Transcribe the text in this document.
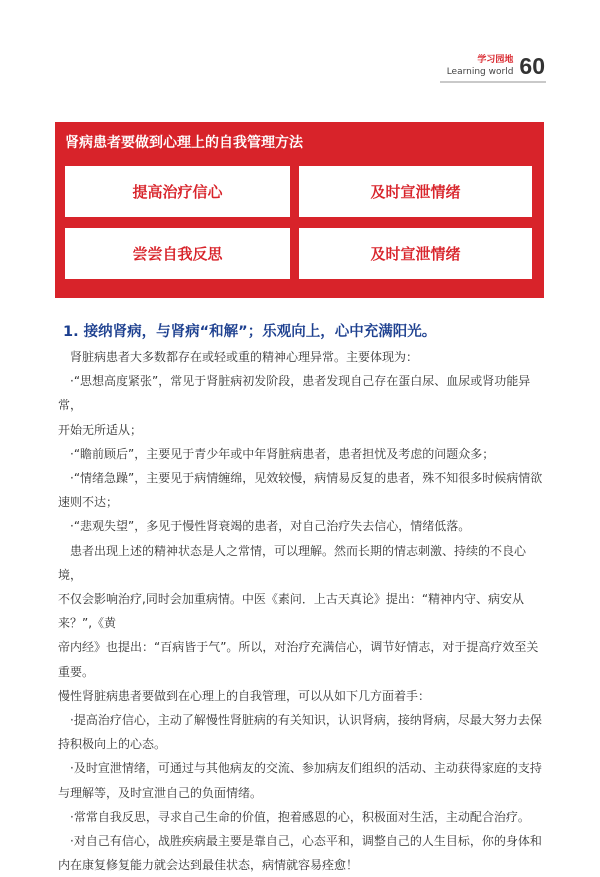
学习园地
Learning world 60
肾病患者要做到心理上的自我管理方法
提高治疗信心	及时宣泄情绪
尝尝自我反思	及时宣泄情绪
1. 接纳肾病，与肾病“和解”；乐观向上，心中充满阳光。

　肾脏病患者大多数都存在或轻或重的精神心理异常。主要体现为：

　·“思想高度紧张”，常见于肾脏病初发阶段，患者发现自己存在蛋白尿、血尿或肾功能异常，

开始无所适从；

　·“瞻前顾后”，主要见于青少年或中年肾脏病患者，患者担忧及考虑的问题众多；

　·“情绪急躁”，主要见于病情缠绵，见效较慢，病情易反复的患者，殊不知很多时候病情欲

速则不达；

　·“悲观失望”，多见于慢性肾衰竭的患者，对自己治疗失去信心，情绪低落。

　患者出现上述的精神状态是人之常情，可以理解。然而长期的情志刺激、持续的不良心境，

不仅会影响治疗,同时会加重病情。中医《素问．上古天真论》提出：“精神内守、病安从来？”,《黄

帝内经》也提出：“百病皆于气”。所以，对治疗充满信心，调节好情志，对于提高疗效至关重要。

慢性肾脏病患者要做到在心理上的自我管理，可以从如下几方面着手：

　·提高治疗信心，主动了解慢性肾脏病的有关知识，认识肾病，接纳肾病，尽最大努力去保

持积极向上的心态。

　·及时宣泄情绪，可通过与其他病友的交流、参加病友们组织的活动、主动获得家庭的支持

与理解等，及时宣泄自己的负面情绪。

　·常常自我反思，寻求自己生命的价值，抱着感恩的心，积极面对生活，主动配合治疗。

　·对自己有信心，战胜疾病最主要是靠自己，心态平和，调整自己的人生目标，你的身体和

内在康复修复能力就会达到最佳状态，病情就容易痊愈！
